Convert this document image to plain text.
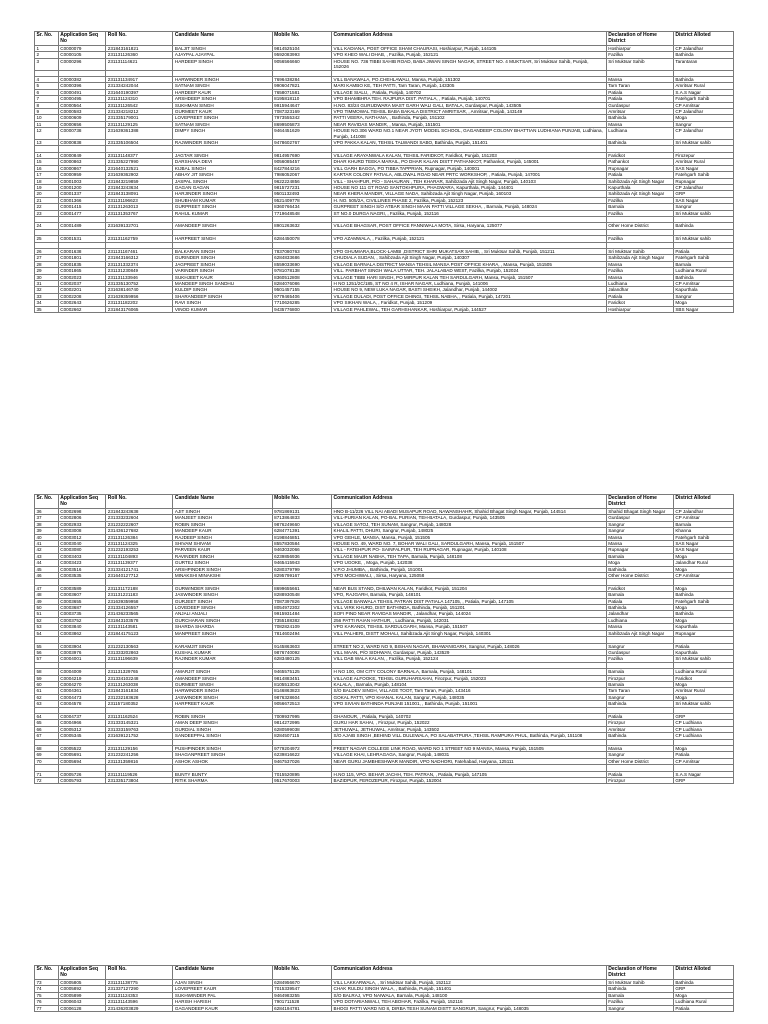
Sr. No.	Application Seq No	Roll No.	Candidate Name	Mobile No.	Communication Address	Declaration of Home District	District Alloted
1	C0000079	231843161821	BALJIT SINGH	9814525104	VILL KADIANA, POST OFFICE SHAM CHAURASI, Hoshiarpur, Punjab, 144105	Hoshiarpur	CP Jalandhar
2	C0000105	231131126360	AJAYPAL AJAYPAL	9592083993	VPO KHEO WALI DHAB, , Fazilka, Punjab, 152121	Fazilka	Bathinda
3	C0000296	231131114621	HARDEEP SINGH	9056566660	HOUSE NO. 736 TIBBI SAHIB ROAD, BABA JIWAN SINGH NAGAR, STREET NO. 4 MUKTSAR, Sri Muktsar Sahib, Punjab, 152026	Sri Muktsar Sahib	Tarantaran

4	C0000382	231131134917	HARWINDER SINGH	7696438284	VILL BANAWALA, PO.CHEHLAWALI, Mansa, Punjab, 151302	Mansa	Bathinda
5	C0000396	231334242044	SATNAM SINGH	9906047821	MARI KAMBO KE, TEH PATTI, Tarn Taran, Punjab, 143305	Tarn Taran	Amritsar Rural
6	C0000491	231640190397	HARDEEP KAUR	7658071581	VILLAGE SIALU, , Patiala, Punjab, 140702	Patiala	S.A.S Nagar
7	C0000495	231131124310	ARSHDEEP SINGH	8195818110	VPO BHAMBHRA TEH. RAJPURA DIST. PATIALA, , Patiala, Punjab, 140701	Patiala	Fatehgarh Sahib
8	C0000564	231131126542	SUKHMAN SINGH	9915944647	H.NO. 83/24 GURUDWARA MAST GARH WALI GALI, BATALA, Gurdaspur, Punjab, 143505	Gurdaspur	CP Amritsar
9	C0000583	231334218212	GURMEET KAUR	7087323169	VPO TIMMOWAL TEHSIL BABA BAKALA DISTRICT AMRITSAR, , Amritsar, Punjab, 143149	Amritsar	CP Jalandhar
10	C0000609	231335179001	LOVEPREET SINGH	7973555342	PATTI VEERA, NATHANA, , Bathinda, Punjab, 151102	Bathinda	Moga
11	C0000656	231131129125	SATNAM SINGH	8699505873	NEAR RAVIDAS MANDIR, , Mansa, Punjab, 151501	Mansa	Sangrur
12	C0000738	231639361388	DIMPY SINGH	9464451629	HOUSE NO.306 WARD NO.1 NEAR JYOTI MODEL SCHOOL, GAGANDEEP COLONY BHATTIAN LUDHIANA PUNJAB, Ludhiana, Punjab, 141008	Ludhiana	CP Jalandhar
13	C0000838	231335106504	RAJWINDER SINGH	9478602767	VPO PAKKA KALAN, TEHSIL TALWANDI SABO, Bathinda, Punjab, 151401	Bathinda	Sri Muktsar sahib

14	C0000849	231131148377	JAGTAR SINGH	9814957690	VILLAGE ARAYANWALA KALAN, TEHSIL FARIDKOT, Faridkot, Punjab, 151203	Faridkot	Firozepur
15	C0000863	231335227990	DARSHANA DEVI	9056085457	DHAR KHURD TEEKA MARAIL, PO DHAR KALAN DISTT PATHANKOT, Pathankot, Punjab, 145001	Pathankot	Amritsar Rural
16	C0000867	231640132521	KIJBAL SINGH	8427844216	VILL GARH BAGGA, PO TIBBA TAPPRIAN, Rupnagar, Punjab, 140001	Rupnagar	SAS Nagar
17	C0000959	231639362902	ABHAY JIT SINGH	7986052067	KARTAR COLONY PATIALA, ABLOWAL ROAD NEAR PRTC WORKSHOP, , Patiala, Punjab, 147001	Patiala	Fatehgarh Sahib
18	C0001003	231843219859	JASPAL SINGH	9622224856	VILL - SHAHPUR, P/O - SAHAURAN , TEH KHARAR, Sahibzada Ajit Singh Nagar, Punjab, 140103	Sahibzada Ajit Singh Nagar	Rupnagar
19	C0001200	231843243634	GAGAN GAGAN	9815727231	HOUSE NO 111 GT ROAD SANTOKHPURA, PHAGWARA, Kapurthala, Punjab, 144401	Kapurthala	CP Jalandhar
20	C0001337	231843138091	HARJINDER SINGH	9501132493	NEAR KHERA MANDIR, VILLAGE NADA, Sahibzada Ajit Singh Nagar, Punjab, 160103	Sahibzada Ajit Singh Nagar	GRP
21	C0001366	231131196623	SHUBHAM KUMAR	9521409778	H. NO. 505/2A, CIVILLINES PHASE 2, Fazilka, Punjab, 152123	Fazilka	SAS Nagar
22	C0001415	231131263013	GURPREET SINGH	8360766434	GURPREET SINGH S/O ATBAR SINGH MAAN PATTI VILLAGE SEKHA, , Barnala, Punjab, 148024	Barnala	Sangrur
23	C0001477	231131353767	RAHUL KUMAR	7719648548	ST NO.0 DURGA NAGRI, , Fazilka, Punjab, 152116	Fazilka	Sri Muktsar sahib

24	C0001489	231639132701	AMANDEEP SINGH	8901263632	VILLAGE BHAGSAR, POST OFFICE PANNIWALA MOTA, Sirsa, Haryana, 125077	Other Home District	Bathinda

25	C0001531	231131162759	HARPREET SINGH	6284450078	VPO AZAMWALA, , Fazilka, Punjab, 152121	Fazilka	Sri Muktsar sahib

26	C0001638	231131167461	BALKARAN SINGH	7837080763	VPO GHUMIARA,BLOCK-LAMBI ,DISTRICT SHRI MUKATSAR SAHIB, , Sri Muktsar Sahib, Punjab, 151211	Sri Muktsar Sahib	Patiala
27	C0001801	231843166312	GURINDER SINGH	6284833686	CHUDIALA SUDAN, , Sahibzada Ajit Singh Nagar, Punjab, 140307	Sahibzada Ajit Singh Nagar	Fatehgarh Sahib
28	C0001835	231131332374	JAGPREET SINGH	8559033690	VILLAGE BARNALA DISTRICT MANSA TEHSIL MANSA POST OFFICE KHARA, , Mansa, Punjab, 151505	Mansa	Barnala
29	C0001865	231131230849	VARINDER SINGH	9781078138	VILL. PARBHAT SINGH WALA UTTAR, TEH. JALALABAD WEST, Fazilka, Punjab, 152024	Fazilka	Ludhiana Rural
30	C0002023	231131133946	SUKHJEET KAUR	8360512808	VILLAGE TIBBI HARI SINGH, PO MIRPUR KALAN TEH SARDULGARH, Mansa, Punjab, 151507	Mansa	Bathinda
31	C0002037	231335130752	MANDEEP SINGH SANDHU	8284076086	H NO 1251/2C/185, ST NO 4 R, ISHAR NAGAR, Ludhiana, Punjab, 141006	Ludhiana	CP Amritsar
32	C0002201	231638146740	KULDIP SINGH	9501457155	HOUSE NO 9, NEW LUKA NAGAR, BASTI SHEIKH, Jalandhar, Punjab, 144002	Jalandhar	Kapurthala
33	C0002208	231639359956	SHARANDEEP SINGH	9779465406	VILLAGE DULADI, POST OFFICE DHINGI, TEHSIL NABHA, , Patiala, Punjab, 147201	Patiala	Sangrur
34	C0002643	231131182202	RAVI SINGH	7710626285	VPO SIKHAN WALA, , Faridkot, Punjab, 151209	Faridkot	Moga
35	C0002662	231843176065	VINOD KUMAR	9435776800	VILLAGE PAHLEWAL, TEH GARHSHANKAR, Hoshiarpur, Punjab, 144527	Hoshiarpur	SBS Nagar
Sr. No.	Application Seq No	Roll No.	Candidate Name	Mobile No.	Communication Address	Declaration of Home District	District Alloted
36	C0002698	231843243638	AJIT SINGH	9781869131	HNO B-11/226 VILL NAI ABADI MUSAPUR ROAD, NAWANSHAHR, Shahid Bhagat Singh Nagar, Punjab, 144514	Shahid Bhagat Singh Nagar	CP Jalandhar
37	C0002806	231333232604	MANJEET SINGH	8713864833	VILL-PURIAN KALAN, PO-BAL PURIAN, TEH-BATALA, Gurdaspur, Punjab, 143505	Gurdaspur	CP Amritsar
38	C0002933	231232222607	ROBIN SINGH	9876249660	VILLAGE SATOJ, TEH SUNAM, Sangrur, Punjab, 148028	Sangrur	Barnala
39	C0003008	231436127682	MANDEEP KAUR	6284771391	KHALIL PATTI, DHURI, Sangrur, Punjab, 148025	Sangrur	Khanna
40	C0003012	231131126384	RAJDEEP SINGH	8198846851	VPO GEHLE, MANSA, Mansa, Punjab, 151505	Mansa	Fatehgarh Sahib
41	C0003040	231131124325	SHIVAM SHIVAM	8557830584	HOUSE NO. 49, WARD NO. 7, BOHAR WALI GALI, SARDULGARH, Mansa, Punjab, 151507	Mansa	SAS Nagar
42	C0003080	231232193253	PARVEEN KAUR	9463032066	VILL - FATEHPUR PO- SAINFALPUR, TEH RUPNAGAR, Rupnagar, Punjab, 140108	Rupnagar	SAS Nagar
43	C0003403	231131104893	RAVINDER SINGH	6239856936	VILLAGE MAUR NABHA, TEH TAPA, Barnala, Punjab, 148108	Barnala	Moga
44	C0003423	231131139377	GURTEJ SINGH	9465415943	VPO UGOKE, , Moga, Punjab, 142038	Moga	Jalandhar Rural
45	C0003516	231334121741	ARSHPINDER SINGH	6280379799	V.P.O JHUMBA, , Bathinda, Punjab, 151001	Bathinda	Moga
46	C0003535	231640127712	MINAKSHI MINAKSHI	8295799167	VPO MOCHIWALI, , Sirsa, Haryana, 125058	Other Home District	CP Amritsar

47	C0003589	231131172188	GURWINDER SINGH	8699655661	NEAR BUS STAND, DHILWAN KALAN, Faridkot, Punjab, 151204	Faridkot	Moga
48	C0003607	231131221183	JASWINDER SINGH	8288930548	VPO, RAJGARH, Barnala, Punjab, 148101	Barnala	Bathinda
49	C0003655	231639359958	GURJEET SINGH	7087397826	VILLAGE BANWALA TEHSIL PATRAN DIST PATIALA 147105, , Patiala, Punjab, 147105	Patiala	Fatehgarh Sahib
50	C0003687	231334126557	LOVEDEEP SINGH	8054972302	VILL VIRK KHURD, DIST BATHINDA, Bathinda, Punjab, 151201	Bathinda	Moga
51	C0003735	231436233565	ANJALI ANJALI	9915931484	SOFI PIND NEAR RAVIDAS MANDIR, , Jalandhar, Punjab, 144024	Jalandhar	Bathinda
52	C0003752	231843103578	GURCHARAN SINGH	7355188382	256 PATTI RAIAN HATHUR, , Ludhiana, Punjab, 142031	Ludhiana	Moga
53	C0003840	231131143581	SHARDA SHARDA	7082824109	VPO KARANDI, TEHSIL SARDULGARH, Mansa, Punjab, 151507	Mansa	Kapurthala
54	C0003862	231844175123	MANPREET SINGH	7814602494	VILL PALHERI, DISTT MOHALI, Sahibzada Ajit Singh Nagar, Punjab, 140301	Sahibzada Ajit Singh Nagar	Rupnagar

55	C0003904	231232130563	KARAMJIT SINGH	9145863603	STREET NO 2, WARD NO 9, BISHAN NAGAR, BHAWANIGARH, Sangrur, Punjab, 148026	Sangrur	Patiala
56	C0003976	231333202863	KUSHAL KUMAR	9876740092	VILL MAAN, P/O SIDHWAN, Gurdaspur, Punjab, 143529	Gurdaspur	Kapurthala
57	C0004001	231131196639	RAJINDER KUMAR	6283480125	VILL DAB WALA KALAN, , Fazilka, Punjab, 152124	Fazilka	Sri Muktsar sahib

58	C0004009	231131329765	AMARJIT SINGH	9465575125	H NO 100, OM CITY COLONY BARNALA, Barnala, Punjab, 148101	Barnala	Ludhiana Rural
59	C0004219	231334102248	AMANDEEP SINGH	9814883451	VILLAGE ALFOOKE, TEHSIL GURUHARSAHAI, Firozpur, Punjab, 152023	Firozpur	Faridkot
60	C0004270	231131263038	GURMEET SINGH	8105513042	KALALA, , Barnala, Punjab, 148104	Barnala	Moga
61	C0004361	231843161834	HARWINDER SINGH	8146863823	S/O BALDEV SINGH, VILLAGE TOOT, Tarn Taran, Punjab, 143416	Tarn Taran	Amritsar Rural
62	C0004473	231232183628	JASWINDER SINGH	9876328604	GOKAL PATTI, VPO KHANAL KALAN, Sangrur, Punjab, 148035	Sangrur	Moga
63	C0004578	231157180352	HARPREET KAUR	9056672513	VPO SIVIAN BATHINDA PUNJAB 151001, , Bathinda, Punjab, 151001	Bathinda	Sri Muktsar sahib

64	C0004737	231131162524	ROBIN SINGH	7009937995	GHANOUR, , Patiala, Punjab, 140702	Patiala	GRP
65	C0004966	231333145321	AMAN DEEP SINGH	9814272995	GURU HAR SAHAI, , Firozpur, Punjab, 152022	Firozpur	CP Ludhiana
66	C0005312	231333159763	GURDIAL SINGH	6280599038	JETHUWAL, JETHUWAL, Amritsar, Punjab, 143502	Amritsar	CP Ludhiana
67	C0005345	231639121752	SANDEEPPAL SINGH	8284507115	S/O AJAIB SINGH ,BEHIND VILL DULEWALA, PO SALABATPURA ,TEHSIL RAMPURA PHUL, Bathinda, Punjab, 151108	Bathinda	CP Ludhiana

68	C0005522	231131129156	PUSHPINDER SINGH	9779204972	PREET NAGAR COLLEGE LINK ROAD, WARD NO 1 STREET NO 9 MANSA, Mansa, Punjab, 151505	Mansa	Moga
69	C0005691	231232241256	SHAGANPREET SINGH	6239816622	VILLAGE KHAI, LEHRAGAGA, Sangrur, Punjab, 148031	Sangrur	Patiala
70	C0005694	231131359816	ASHOK ASHOK	9467537026	NEAR GURU JAMBHESHWAR MANDIR, VPO NADHORI, Fatehabad, Haryana, 125111	Other Home District	CP Amritsar

71	C0005726	231131119526	BUNTY BUNTY	7015520895	H.NO 115, VPO. BEHAR JACHH, TEH. PATRAN, , Patiala, Punjab, 147105	Patiala	S.A.S Nagar
72	C0005793	231335173804	RITIK SHARMA	9517670003	BAZIDPUR, FEROZEPUR, Firozpur, Punjab, 152004	Firozpur	GRP
Sr. No.	Application Seq No	Roll No.	Candidate Name	Mobile No.	Communication Address	Declaration of Home District	District Alloted
73	C0005805	231131138775	AJAN SINGH	6284956670	VILL LAKKARWALA, , Sri Muktsar Sahib, Punjab, 152112	Sri Muktsar Sahib	Bathinda
74	C0005892	231337127290	LOVEPREET KAUR	7015339547	CHAK RULDU SINGH WALA, , Bathinda, Punjab, 151401	Bathinda	GRP
75	C0005899	231131124353	SUKHWINDER PAL	9464983255	S/O BALRAJ, VPO NAIWALA, Barnala, Punjab, 148100	Barnala	Moga
76	C0006043	231131143596	HARISH HARISH	7901711528	VPO DOTARIANWALI, TEH ABOHAR, Fazilka, Punjab, 152116	Fazilka	Ludhiana Rural
77	C0006128	231436203829	GAGANDEEP KAUR	6284194781	BHOGI PATTI WARD NO 8, DIRBA TESH SUNAM DISTT SANGRUR, Sangrur, Punjab, 148035	Sangrur	Patiala
